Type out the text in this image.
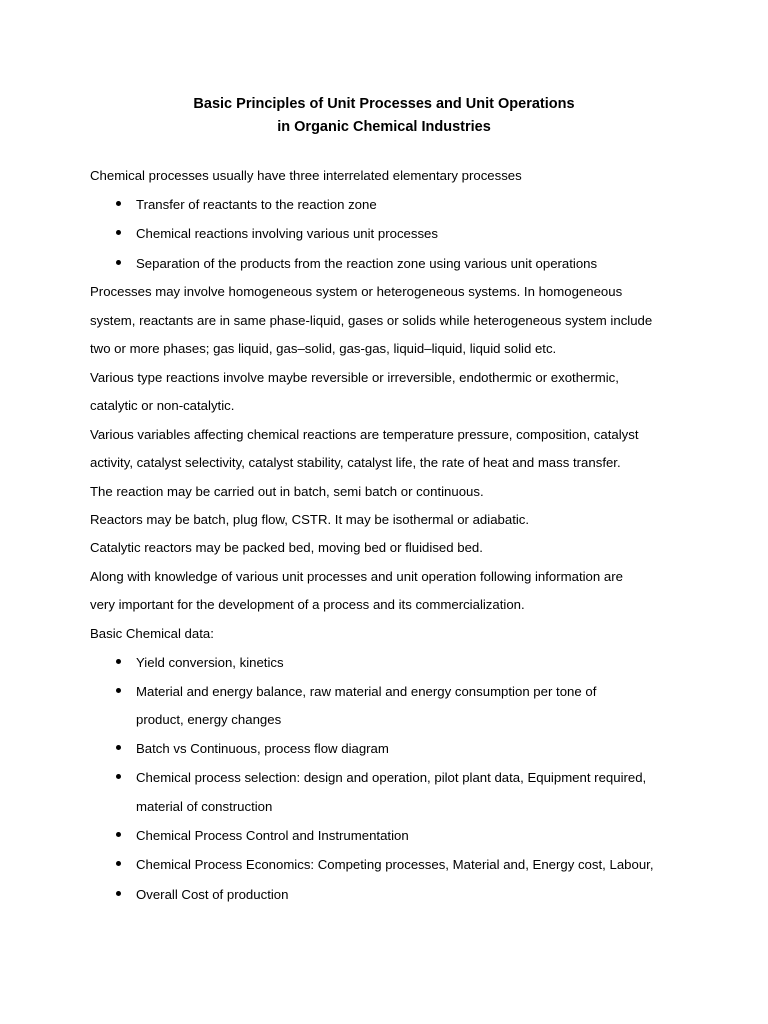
Basic Principles of Unit Processes and Unit Operations
in Organic Chemical Industries
Chemical processes usually have three interrelated elementary processes
Transfer of reactants to the reaction zone
Chemical reactions involving various unit processes
Separation of the products from the reaction zone using various unit operations
Processes may involve homogeneous system or heterogeneous systems. In homogeneous
system, reactants are in same phase-liquid, gases or solids while heterogeneous system include
two or more phases; gas liquid, gas–solid, gas-gas, liquid–liquid, liquid solid etc.
Various type reactions involve maybe reversible or irreversible, endothermic or exothermic,
catalytic or non-catalytic.
Various variables affecting chemical reactions are temperature pressure, composition, catalyst
activity, catalyst selectivity, catalyst stability, catalyst life, the rate of heat and mass transfer.
The reaction may be carried out in batch, semi batch or continuous.
Reactors may be batch, plug flow, CSTR. It may be isothermal or adiabatic.
Catalytic reactors may be packed bed, moving bed or fluidised bed.
Along with knowledge of various unit processes and unit operation following information are
very important for the development of a process and its commercialization.
Basic Chemical data:
Yield conversion, kinetics
Material and energy balance, raw material and energy consumption per tone of
product, energy changes
Batch vs Continuous, process flow diagram
Chemical process selection: design and operation, pilot plant data, Equipment required,
material of construction
Chemical Process Control and Instrumentation
Chemical Process Economics: Competing processes, Material and, Energy cost, Labour,
Overall Cost of production
